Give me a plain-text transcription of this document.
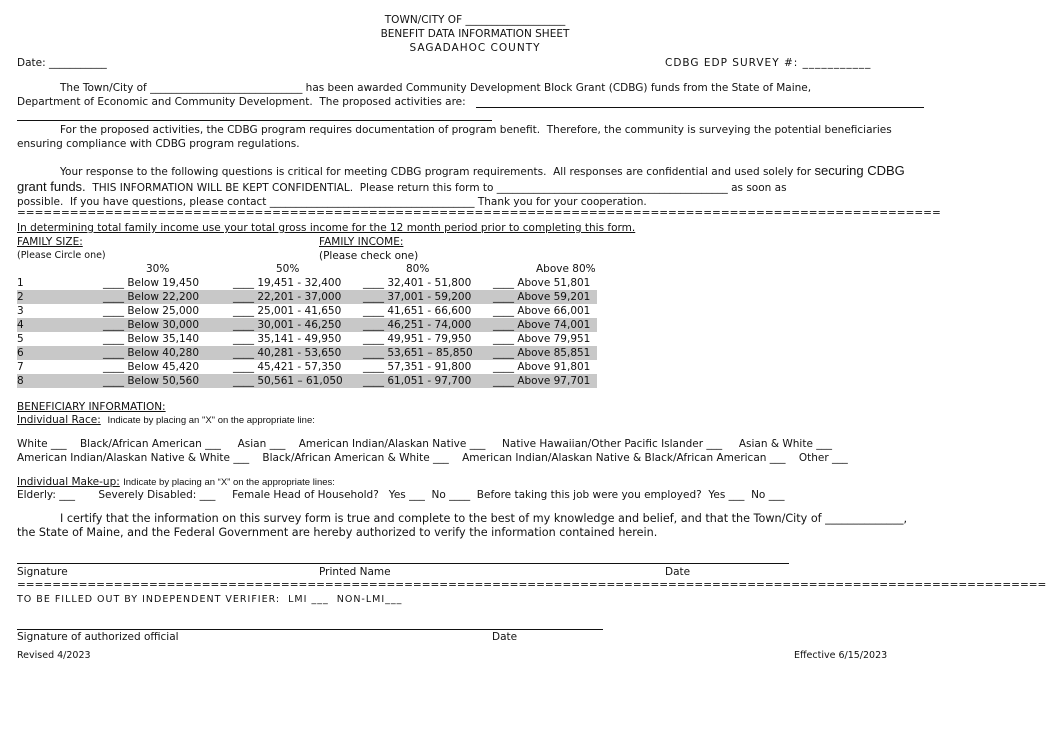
TOWN/CITY OF ___________________
BENEFIT DATA INFORMATION SHEET
SAGADAHOC COUNTY
Date: ___________	CDBG EDP SURVEY #: ___________
The Town/City of _____________________________ has been awarded Community Development Block Grant (CDBG) funds from the State of Maine,
Department of Economic and Community Development.  The proposed activities are:
For the proposed activities, the CDBG program requires documentation of program benefit.  Therefore, the community is surveying the potential beneficiaries
ensuring compliance with CDBG program regulations.
Your response to the following questions is critical for meeting CDBG program requirements.  All responses are confidential and used solely for securing CDBG
grant funds. THIS INFORMATION WILL BE KEPT CONFIDENTIAL.  Please return this form to ____________________________________________ as soon as
possible.  If you have questions, please contact _______________________________________ Thank you for your cooperation.
=========================================================================================================
In determining total family income use your total gross income for the 12 month period prior to completing this form.
FAMILY SIZE:
(Please Circle one)
FAMILY INCOME:
(Please check one)
30%	50%	80%	Above 80%
1	____ Below 19,450	____ 19,451 - 32,400 ____ 32,401 - 51,800 ____ Above 51,801
2	____ Below 22,200	____ 22,201 - 37,000 ____ 37,001 - 59,200 ____ Above 59,201
3	____ Below 25,000	____ 25,001 - 41,650 ____ 41,651 - 66,600 ____ Above 66,001
4	____ Below 30,000	____ 30,001 - 46,250 ____ 46,251 - 74,000 ____ Above 74,001
5	____ Below 35,140	____ 35,141 - 49,950 ____ 49,951 - 79,950 ____ Above 79,951
6	____ Below 40,280	____ 40,281 - 53,650 ____ 53,651 – 85,850 ____ Above 85,851
7	____ Below 45,420	____ 45,421 - 57,350 ____ 57,351 - 91,800 ____ Above 91,801
8	____ Below 50,560	____ 50,561 – 61,050 ____ 61,051 - 97,700 ____ Above 97,701
BENEFICIARY INFORMATION:
Individual Race: Indicate by placing an "X" on the appropriate line:
White ___    Black/African American ___     Asian ___    American Indian/Alaskan Native ___     Native Hawaiian/Other Pacific Islander ___     Asian & White ___
American Indian/Alaskan Native & White ___    Black/African American & White ___    American Indian/Alaskan Native & Black/African American ___    Other ___
Individual Make-up: Indicate by placing an “X” on the appropriate lines:
Elderly: ___       Severely Disabled: ___     Female Head of Household?   Yes ___  No ____  Before taking this job were you employed?  Yes ___  No ___
I certify that the information on this survey form is true and complete to the best of my knowledge and belief, and that the Town/City of ______________,
the State of Maine, and the Federal Government are hereby authorized to verify the information contained herein.
Signature	Printed Name	Date
=====================================================================================================================
TO BE FILLED OUT BY INDEPENDENT VERIFIER:  LMI ___  NON-LMI___
Signature of authorized official	Date
Revised 4/2023	Effective 6/15/2023
